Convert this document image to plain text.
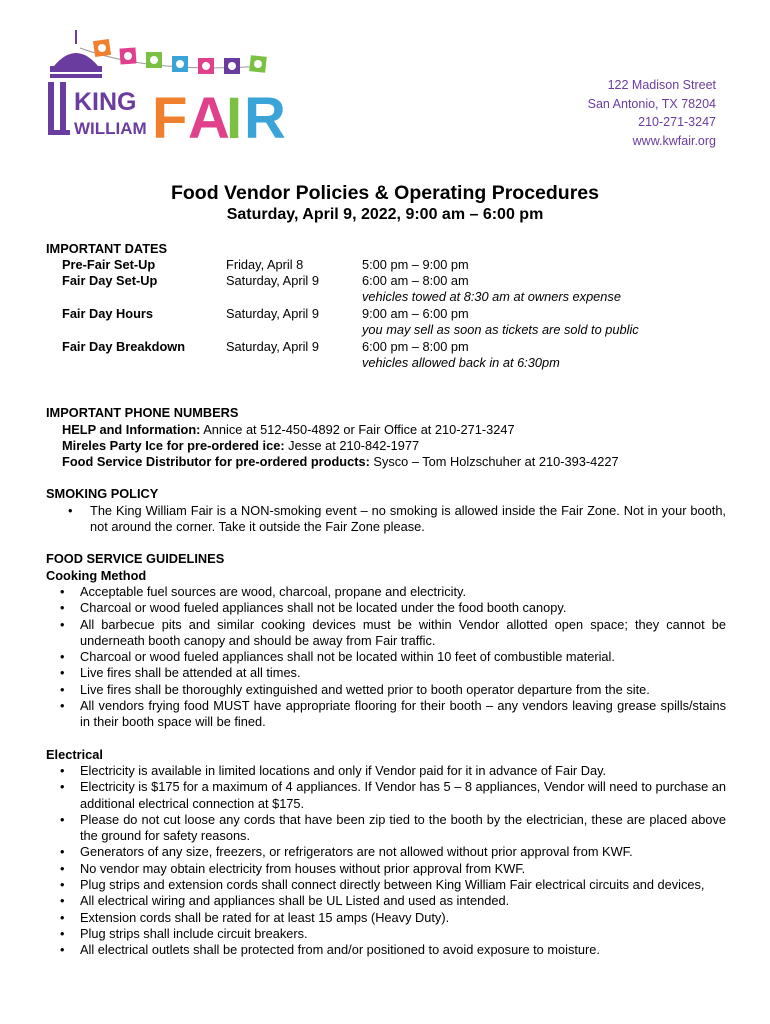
KING
WILLIAM F A
I R
122 Madison Street
San Antonio, TX 78204
210-271-3247
www.kwfair.org
Food Vendor Policies & Operating Procedures
Saturday, April 9, 2022, 9:00 am – 6:00 pm
IMPORTANT DATES
Pre-Fair Set-Up	Friday, April 8	5:00 pm – 9:00 pm
Fair Day Set-Up	Saturday, April 9	6:00 am – 8:00 am
vehicles towed at 8:30 am at owners expense
Fair Day Hours	Saturday, April 9	9:00 am – 6:00 pm
you may sell as soon as tickets are sold to public
Fair Day Breakdown	Saturday, April 9	6:00 pm – 8:00 pm
vehicles allowed back in at 6:30pm
IMPORTANT PHONE NUMBERS
HELP and Information: Annice at 512-450-4892 or Fair Office at 210-271-3247
Mireles Party Ice for pre-ordered ice: Jesse at 210-842-1977
Food Service Distributor for pre-ordered products: Sysco – Tom Holzschuher at 210-393-4227
SMOKING POLICY
• The King William Fair is a NON-smoking event – no smoking is allowed inside the Fair Zone. Not in your booth, not around the corner. Take it outside the Fair Zone please.
FOOD SERVICE GUIDELINES
Cooking Method
• Acceptable fuel sources are wood, charcoal, propane and electricity.
• Charcoal or wood fueled appliances shall not be located under the food booth canopy.
• All barbecue pits and similar cooking devices must be within Vendor allotted open space; they cannot be underneath booth canopy and should be away from Fair traffic.
• Charcoal or wood fueled appliances shall not be located within 10 feet of combustible material.
• Live fires shall be attended at all times.
• Live fires shall be thoroughly extinguished and wetted prior to booth operator departure from the site.
• All vendors frying food MUST have appropriate flooring for their booth – any vendors leaving grease spills/stains in their booth space will be fined.
Electrical
• Electricity is available in limited locations and only if Vendor paid for it in advance of Fair Day.
• Electricity is $175 for a maximum of 4 appliances. If Vendor has 5 – 8 appliances, Vendor will need to purchase an additional electrical connection at $175.
• Please do not cut loose any cords that have been zip tied to the booth by the electrician, these are placed above the ground for safety reasons.
• Generators of any size, freezers, or refrigerators are not allowed without prior approval from KWF.
• No vendor may obtain electricity from houses without prior approval from KWF.
• Plug strips and extension cords shall connect directly between King William Fair electrical circuits and devices,
• All electrical wiring and appliances shall be UL Listed and used as intended.
• Extension cords shall be rated for at least 15 amps (Heavy Duty).
• Plug strips shall include circuit breakers.
• All electrical outlets shall be protected from and/or positioned to avoid exposure to moisture.
